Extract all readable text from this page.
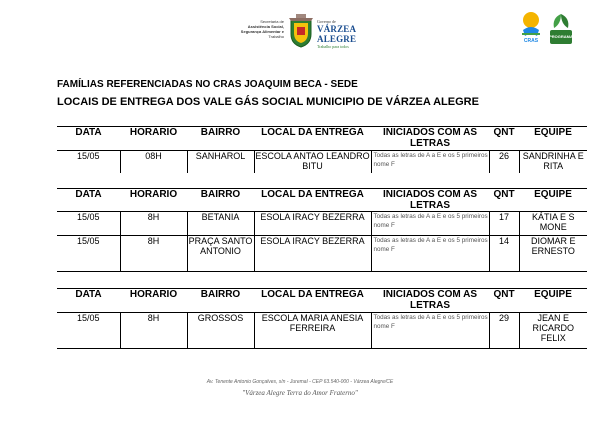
Secretaria de
Assistência Social,
Segurança Alimentar e
Trabalho
Governo de
VÁRZEA ALEGRE
Trabalho para todos
CRAS
PROGRAMA
FAMÍLIAS REFERENCIADAS NO CRAS JOAQUIM BECA - SEDE
LOCAIS DE ENTREGA DOS VALE GÁS SOCIAL MUNICIPIO DE VÁRZEA ALEGRE
DATA	HORARIO	BAIRRO	LOCAL DA ENTREGA	INICIADOS COM AS LETRAS	QNT	EQUIPE
15/05	08H	SANHAROL	ESCOLA ANTAO LEANDRO BITU	Todas as letras de A a E e os 5 primeiros nome F	26	SANDRINHA E RITA
DATA	HORARIO	BAIRRO	LOCAL DA ENTREGA	INICIADOS COM AS LETRAS	QNT	EQUIPE
15/05	8H	BETANIA	ESOLA IRACY BEZERRA	Todas as letras de A a E e os 5 primeiros nome F	17	KÁTIA E S MONE
15/05	8H	PRAÇA SANTO ANTONIO	ESOLA IRACY BEZERRA	Todas as letras de A a E e os 5 primeiros nome F	14	DIOMAR E ERNESTO
DATA	HORARIO	BAIRRO	LOCAL DA ENTREGA	INICIADOS COM AS LETRAS	QNT	EQUIPE
15/05	8H	GROSSOS	ESCOLA MARIA ANESIA FERREIRA	Todas as letras de A a E e os 5 primeiros nome F	29	JEAN E RICARDO FELIX
Av. Tenente Antonio Gonçalves, s/n - Juremal - CEP 63.540-000 - Várzea Alegre/CE
"Várzea Alegre Terra do Amor Fraterno"
